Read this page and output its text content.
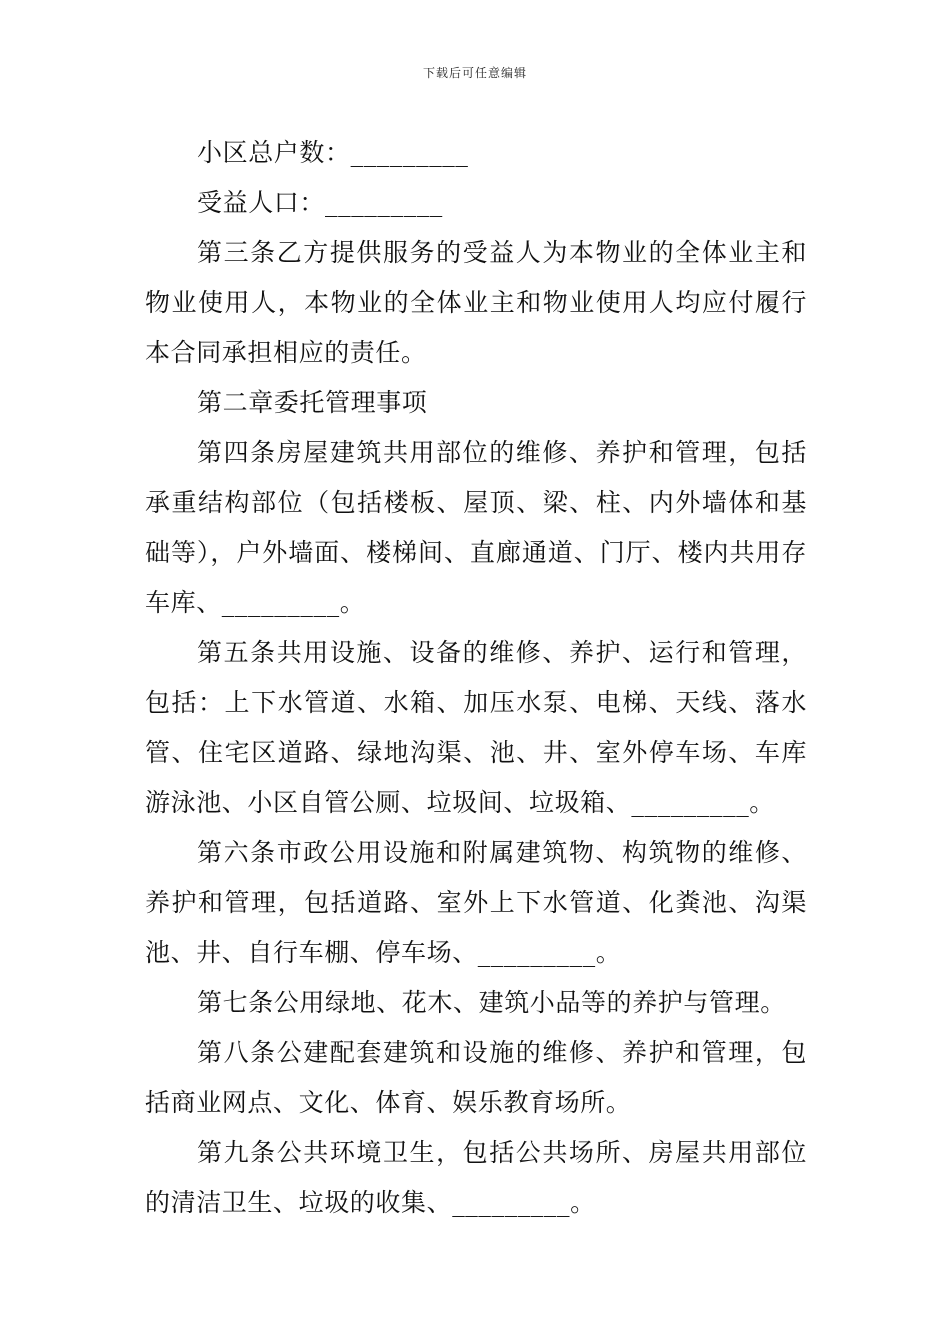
下载后可任意编辑

小区总户数：_________

受益人口：_________

第三条乙方提供服务的受益人为本物业的全体业主和物业使用人，本物业的全体业主和物业使用人均应付履行本合同承担相应的责任。

第二章委托管理事项

第四条房屋建筑共用部位的维修、养护和管理，包括承重结构部位（包括楼板、屋顶、梁、柱、内外墙体和基础等），户外墙面、楼梯间、直廊通道、门厅、楼内共用存车库、_________。

第五条共用设施、设备的维修、养护、运行和管理，包括：上下水管道、水箱、加压水泵、电梯、天线、落水管、住宅区道路、绿地沟渠、池、井、室外停车场、车库游泳池、小区自管公厕、垃圾间、垃圾箱、_________。

第六条市政公用设施和附属建筑物、构筑物的维修、养护和管理，包括道路、室外上下水管道、化粪池、沟渠池、井、自行车棚、停车场、_________。

第七条公用绿地、花木、建筑小品等的养护与管理。

第八条公建配套建筑和设施的维修、养护和管理，包括商业网点、文化、体育、娱乐教育场所。

第九条公共环境卫生，包括公共场所、房屋共用部位的清洁卫生、垃圾的收集、_________。
